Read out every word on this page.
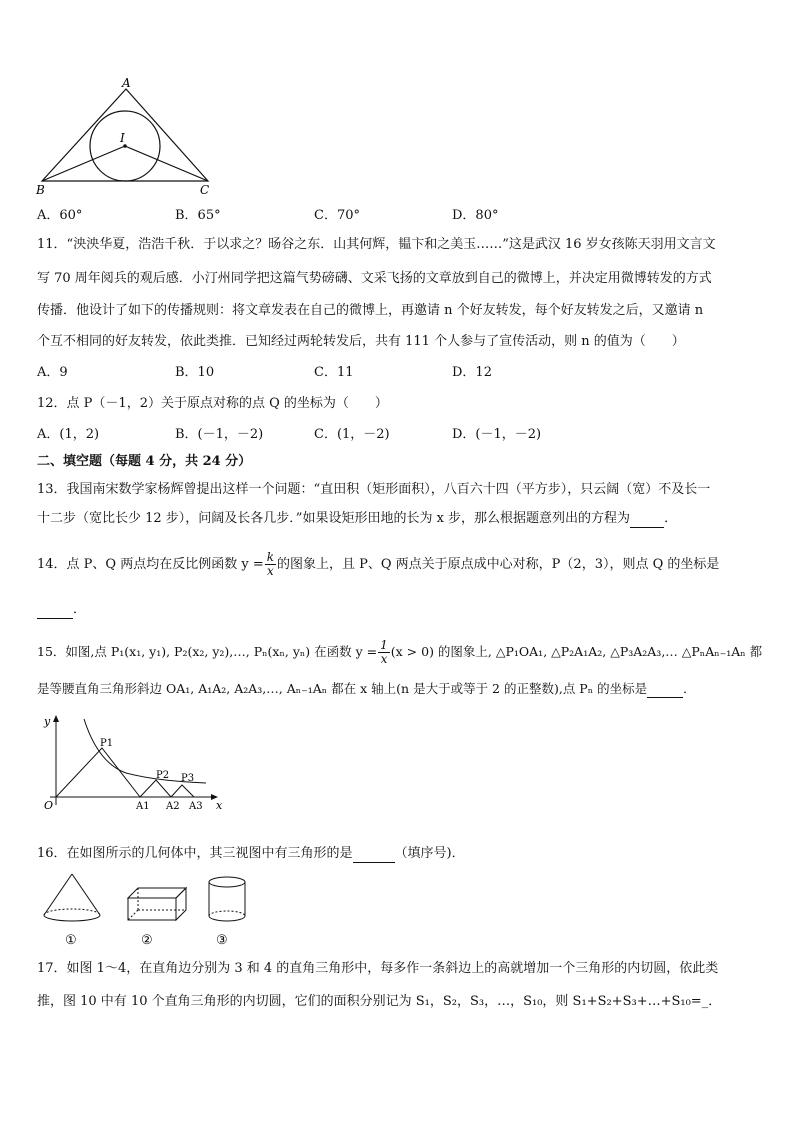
A
I
B	C
A．60°	B．65°	C．70°	D．80°
11．“泱泱华夏，浩浩千秋．于以求之？旸谷之东．山其何辉，韫卞和之美玉……”这是武汉 16 岁女孩陈天羽用文言文
写 70 周年阅兵的观后感．小汀州同学把这篇气势磅礴、文采飞扬的文章放到自己的微博上，并决定用微博转发的方式
传播．他设计了如下的传播规则：将文章发表在自己的微博上，再邀请 n 个好友转发，每个好友转发之后，又邀请 n
个互不相同的好友转发，依此类推．已知经过两轮转发后，共有 111 个人参与了宣传活动，则 n 的值为（　　）
A．9	B．10	C．11	D．12
12．点 P（－1，2）关于原点对称的点 Q 的坐标为（　　）
A．(1，2)	B．(－1，－2)	C．(1，－2)	D．(－1，－2)
二、填空题（每题 4 分，共 24 分）
13．我国南宋数学家杨辉曾提出这样一个问题：“直田积（矩形面积），八百六十四（平方步），只云阔（宽）不及长一
十二步（宽比长少 12 步），问阔及长各几步．”如果设矩形田地的长为 x 步，那么根据题意列出的方程为	．
14．点 P、Q 两点均在反比例函数 $y = \frac{k}{x}$ 的图象上，且 P、Q 两点关于原点成中心对称，P（2，3），则点 Q 的坐标是
．
15．如图,点 P₁(x₁, y₁), P₂(x₂, y₂),…, Pₙ(xₙ, yₙ) 在函数 $y = \frac{1}{x} (x > 0)$ 的图象上, △P₁OA₁, △P₂A₁A₂, △P₃A₂A₃,… △PₙAₙ₋₁Aₙ 都
是等腰直角三角形斜边 OA₁, A₁A₂, A₂A₃,…, Aₙ₋₁Aₙ 都在 x 轴上(n 是大于或等于 2 的正整数),点 Pₙ 的坐标是	．
y
x
O
P1
P2 P3
A1 A2 A3
16．在如图所示的几何体中，其三视图中有三角形的是	（填序号)．
①	②	③
17．如图 1～4，在直角边分别为 3 和 4 的直角三角形中，每多作一条斜边上的高就增加一个三角形的内切圆，依此类
推，图 10 中有 10 个直角三角形的内切圆，它们的面积分别记为 S₁，S₂，S₃，…，S₁₀，则 S₁+S₂+S₃+…+S₁₀=_．
